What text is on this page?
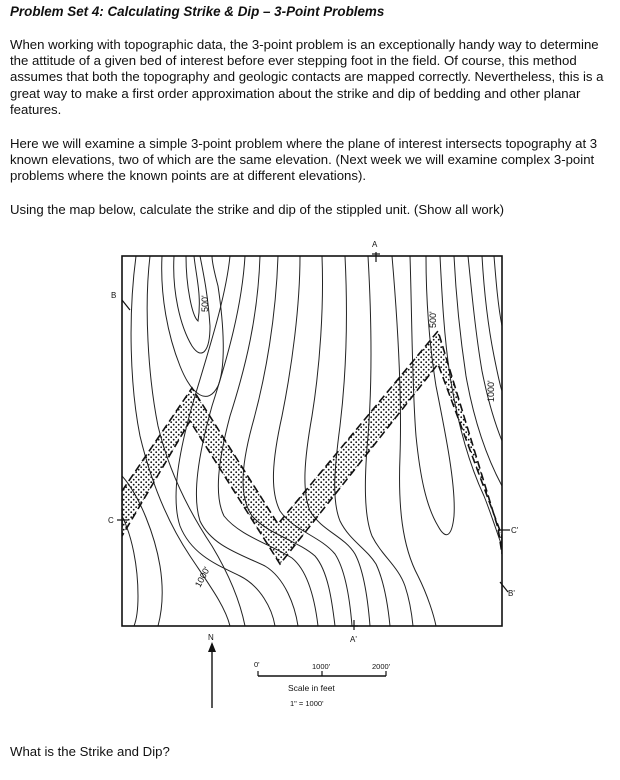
Problem Set 4: Calculating Strike & Dip – 3-Point Problems

When working with topographic data, the 3-point problem is an exceptionally handy way to determine the attitude of a given bed of interest before ever stepping foot in the field. Of course, this method assumes that both the topography and geologic contacts are mapped correctly. Nevertheless, this is a great way to make a first order approximation about the strike and dip of bedding and other planar features.

Here we will examine a simple 3-point problem where the plane of interest intersects topography at 3 known elevations, two of which are the same elevation. (Next week we will examine complex 3-point problems where the known points are at different elevations).

Using the map below, calculate the strike and dip of the stippled unit. (Show all work)

500'
500'
1000'
1000'
A
A'
B
B'
C
C'
N
0'	1000'	2000'
Scale in feet
1" = 1000'
What is the Strike and Dip?
